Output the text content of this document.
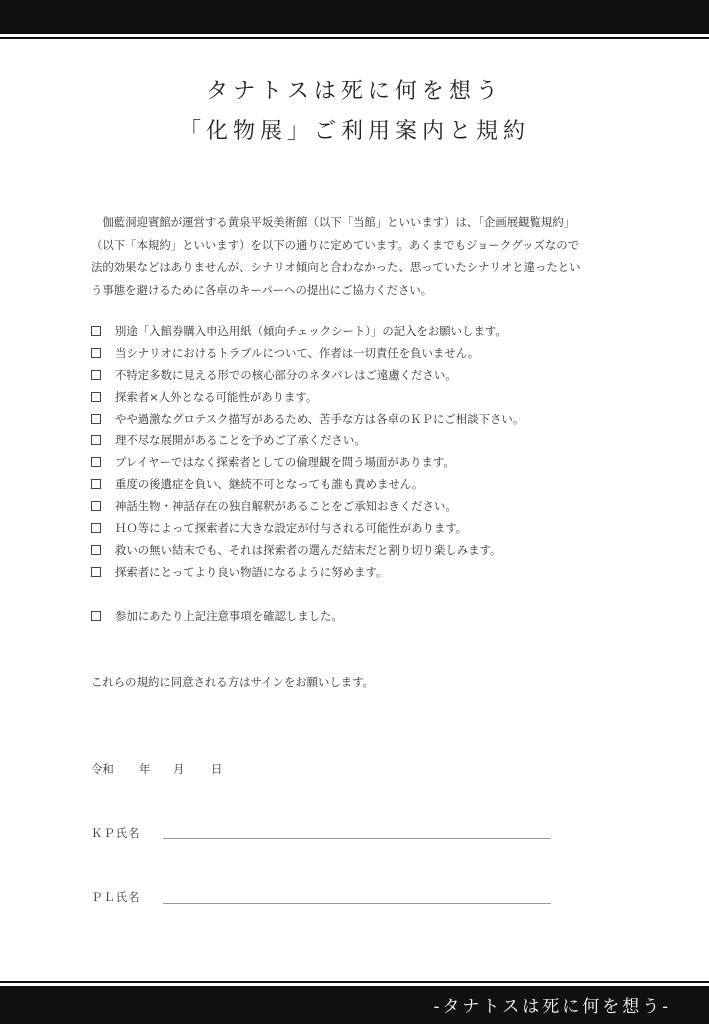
タナトスは死に何を想う
「化物展」ご利用案内と規約
　伽藍洞迎賓館が運営する黄泉平坂美術館（以下「当館」といいます）は、「企画展観覧規約」
（以下「本規約」といいます）を以下の通りに定めています。あくまでもジョークグッズなので
法的効果などはありませんが、シナリオ傾向と合わなかった、思っていたシナリオと違ったとい
う事態を避けるために各卓のキーパーへの提出にご協力ください。
別途「入館券購入申込用紙（傾向チェックシート）」の記入をお願いします。
当シナリオにおけるトラブルについて、作者は一切責任を負いません。
不特定多数に見える形での核心部分のネタバレはご遠慮ください。
探索者×人外となる可能性があります。
やや過激なグロテスク描写があるため、苦手な方は各卓のＫＰにご相談下さい。
理不尽な展開があることを予めご了承ください。
プレイヤーではなく探索者としての倫理観を問う場面があります。
重度の後遺症を負い、継続不可となっても誰も責めません。
神話生物・神話存在の独自解釈があることをご承知おきください。
ＨＯ等によって探索者に大きな設定が付与される可能性があります。
救いの無い結末でも、それは探索者の選んだ結末だと割り切り楽しみます。
探索者にとってより良い物語になるように努めます。
参加にあたり上記注意事項を確認しました。
これらの規約に同意される方はサインをお願いします。
令和 年 月 日
ＫＰ氏名
ＰＬ氏名
-タナトスは死に何を想う-
